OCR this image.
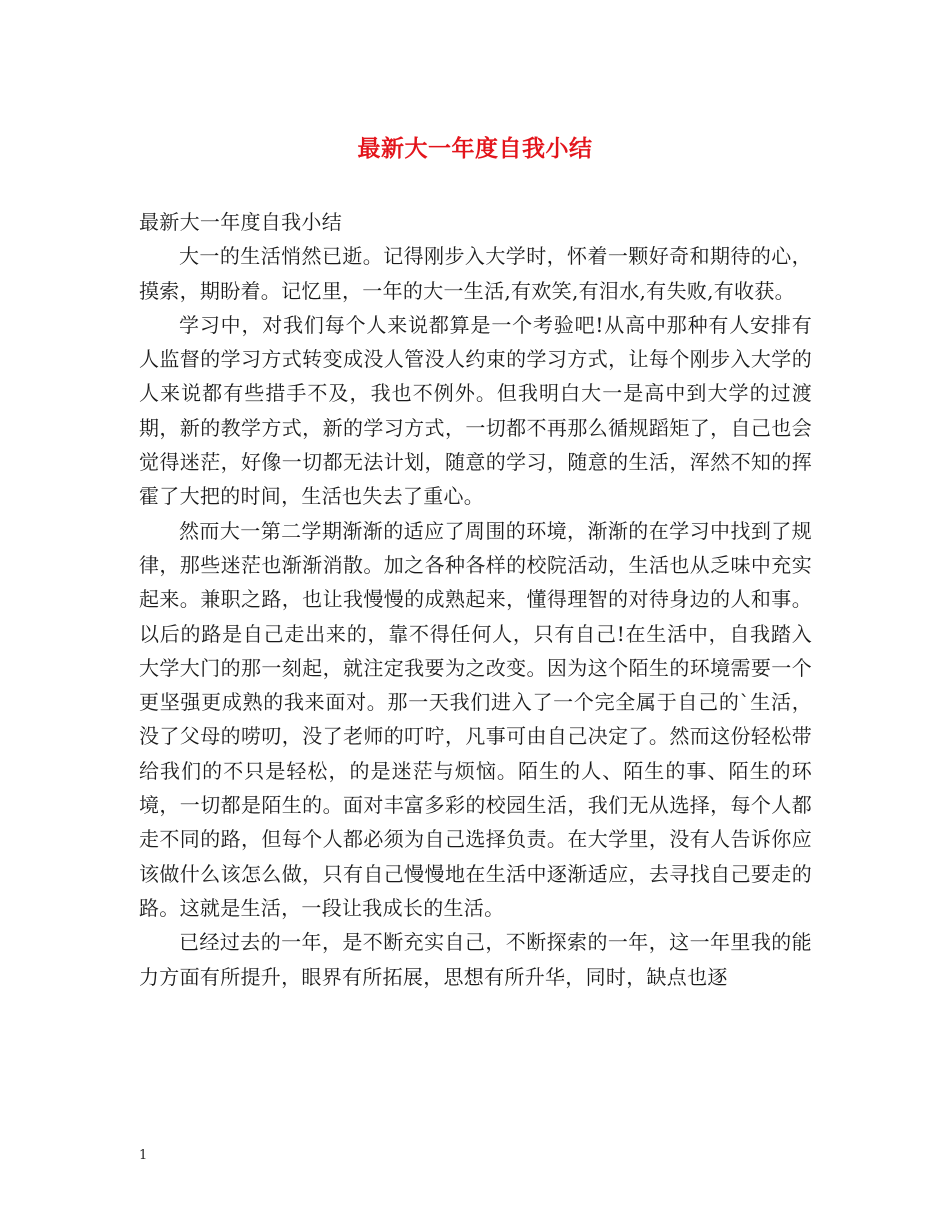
最新大一年度自我小结

最新大一年度自我小结

大一的生活悄然已逝。记得刚步入大学时，怀着一颗好奇和期待的心，摸索，期盼着。记忆里，一年的大一生活,有欢笑,有泪水,有失败,有收获。

学习中，对我们每个人来说都算是一个考验吧!从高中那种有人安排有人监督的学习方式转变成没人管没人约束的学习方式，让每个刚步入大学的人来说都有些措手不及，我也不例外。但我明白大一是高中到大学的过渡期，新的教学方式，新的学习方式，一切都不再那么循规蹈矩了，自己也会觉得迷茫，好像一切都无法计划，随意的学习，随意的生活，浑然不知的挥霍了大把的时间，生活也失去了重心。

然而大一第二学期渐渐的适应了周围的环境，渐渐的在学习中找到了规律，那些迷茫也渐渐消散。加之各种各样的校院活动，生活也从乏味中充实起来。兼职之路，也让我慢慢的成熟起来，懂得理智的对待身边的人和事。以后的路是自己走出来的，靠不得任何人，只有自己!在生活中，自我踏入大学大门的那一刻起，就注定我要为之改变。因为这个陌生的环境需要一个更坚强更成熟的我来面对。那一天我们进入了一个完全属于自己的`生活，没了父母的唠叨，没了老师的叮咛，凡事可由自己决定了。然而这份轻松带给我们的不只是轻松，的是迷茫与烦恼。陌生的人、陌生的事、陌生的环境，一切都是陌生的。面对丰富多彩的校园生活，我们无从选择，每个人都走不同的路，但每个人都必须为自己选择负责。在大学里，没有人告诉你应该做什么该怎么做，只有自己慢慢地在生活中逐渐适应，去寻找自己要走的路。这就是生活，一段让我成长的生活。

已经过去的一年，是不断充实自己，不断探索的一年，这一年里我的能力方面有所提升，眼界有所拓展，思想有所升华，同时，缺点也逐

1
